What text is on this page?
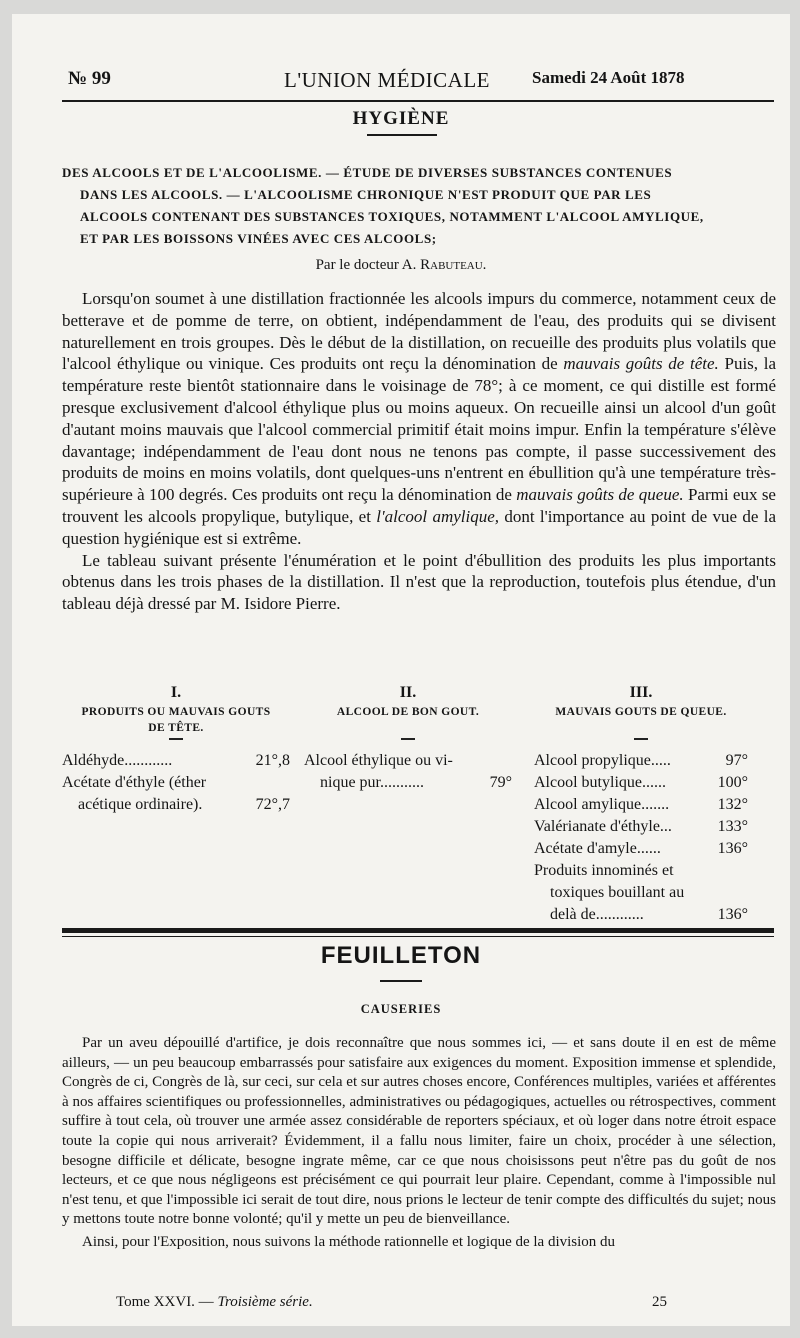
№ 99	L'UNION MÉDICALE Samedi 24 Août 1878
HYGIÈNE
DES ALCOOLS ET DE L'ALCOOLISME. — ÉTUDE DE DIVERSES SUBSTANCES CONTENUES
DANS LES ALCOOLS. — L'ALCOOLISME CHRONIQUE N'EST PRODUIT QUE PAR LES
ALCOOLS CONTENANT DES SUBSTANCES TOXIQUES, NOTAMMENT L'ALCOOL AMYLIQUE,
ET PAR LES BOISSONS VINÉES AVEC CES ALCOOLS;
Par le docteur A. Rabuteau.

Lorsqu'on soumet à une distillation fractionnée les alcools impurs du commerce, notamment ceux de betterave et de pomme de terre, on obtient, indépendamment de l'eau, des produits qui se divisent naturellement en trois groupes. Dès le début de la distillation, on recueille des produits plus volatils que l'alcool éthylique ou vinique. Ces produits ont reçu la dénomination de mauvais goûts de tête. Puis, la température reste bientôt stationnaire dans le voisinage de 78°; à ce moment, ce qui distille est formé presque exclusivement d'alcool éthylique plus ou moins aqueux. On recueille ainsi un alcool d'un goût d'autant moins mauvais que l'alcool commercial primitif était moins impur. Enfin la température s'élève davantage; indépendamment de l'eau dont nous ne tenons pas compte, il passe successivement des produits de moins en moins volatils, dont quelques-uns n'entrent en ébullition qu'à une température très-supérieure à 100 degrés. Ces produits ont reçu la dénomination de mauvais goûts de queue. Parmi eux se trouvent les alcools propylique, butylique, et l'alcool amylique, dont l'importance au point de vue de la question hygiénique est si extrême.

Le tableau suivant présente l'énumération et le point d'ébullition des produits les plus importants obtenus dans les trois phases de la distillation. Il n'est que la reproduction, toutefois plus étendue, d'un tableau déjà dressé par M. Isidore Pierre.

I.
PRODUITS OU MAUVAIS GOUTS
DE TÊTE.
Aldéhyde............	21°,8
Acétate d'éthyle (éther
acétique ordinaire).	72°,7
II.
ALCOOL DE BON GOUT.
Alcool éthylique ou vi-
nique pur...........	79°
III.
MAUVAIS GOUTS DE QUEUE.
Alcool propylique.....	97°
Alcool butylique......	100°
Alcool amylique.......	132°
Valérianate d'éthyle...	133°
Acétate d'amyle......	136°
Produits innominés et
toxiques bouillant au
delà de............	136°
FEUILLETON
CAUSERIES

Par un aveu dépouillé d'artifice, je dois reconnaître que nous sommes ici, — et sans doute il en est de même ailleurs, — un peu beaucoup embarrassés pour satisfaire aux exigences du moment. Exposition immense et splendide, Congrès de ci, Congrès de là, sur ceci, sur cela et sur autres choses encore, Conférences multiples, variées et afférentes à nos affaires scientifiques ou professionnelles, administratives ou pédagogiques, actuelles ou rétrospectives, comment suffire à tout cela, où trouver une armée assez considérable de reporters spéciaux, et où loger dans notre étroit espace toute la copie qui nous arriverait? Évidemment, il a fallu nous limiter, faire un choix, procéder à une sélection, besogne difficile et délicate, besogne ingrate même, car ce que nous choisissons peut n'être pas du goût de nos lecteurs, et ce que nous négligeons est précisément ce qui pourrait leur plaire. Cependant, comme à l'impossible nul n'est tenu, et que l'impossible ici serait de tout dire, nous prions le lecteur de tenir compte des difficultés du sujet; nous y mettons toute notre bonne volonté; qu'il y mette un peu de bienveillance.

Ainsi, pour l'Exposition, nous suivons la méthode rationnelle et logique de la division du

Tome XXVI. — Troisième série.	25
